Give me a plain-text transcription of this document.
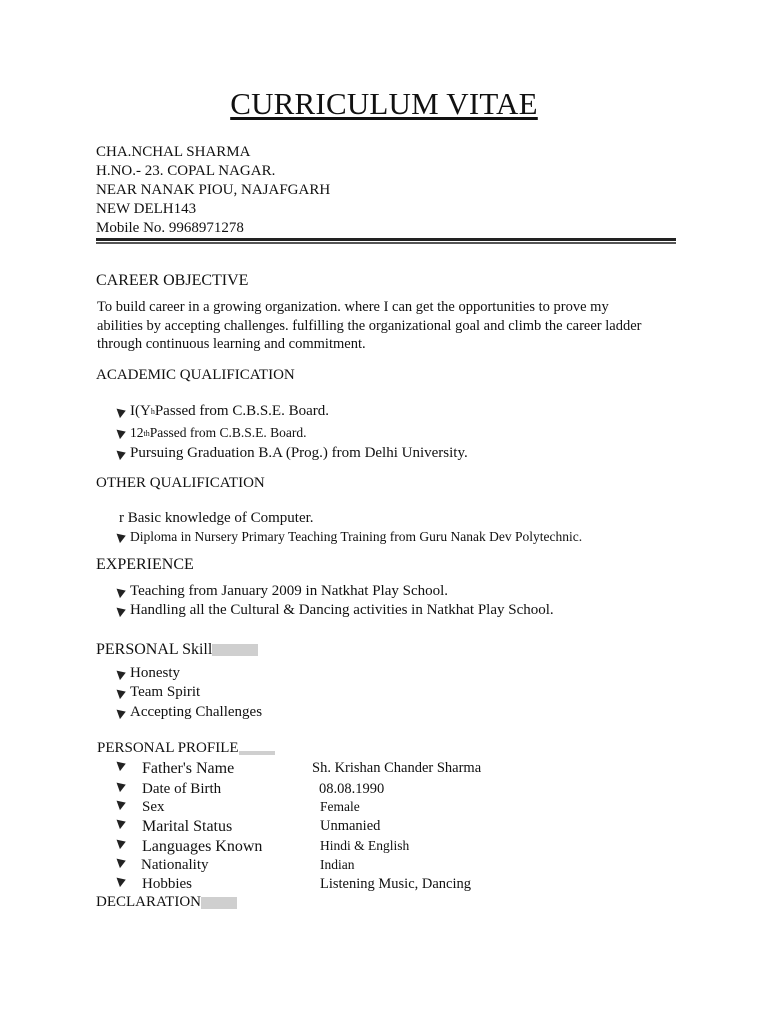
CURRICULUM VITAE
CHA.NCHAL SHARMA
H.NO.- 23. COPAL NAGAR.
NEAR NANAK PIOU, NAJAFGARH
NEW DELH143
Mobile No. 9968971278
CAREER OBJECTIVE
To build career in a growing organization. where I can get the opportunities to prove my abilities by accepting challenges. fulfilling the organizational goal and climb the career ladder through continuous learning and commitment.
ACADEMIC QUALIFICATION
I(Y h Passed from C.B.S.E. Board.
12 th Passed from C.B.S.E. Board.
Pursuing Graduation B.A (Prog.) from Delhi University.
OTHER QUALIFICATION
r Basic knowledge of Computer.
Diploma in Nursery Primary Teaching Training from Guru Nanak Dev Polytechnic.
EXPERIENCE
Teaching from January 2009 in Natkhat Play School.
Handling all the Cultural & Dancing activities in Natkhat Play School.
PERSONAL Skill
Honesty
Team Spirit
Accepting Challenges
PERSONAL PROFILE
Father's Name	Sh. Krishan Chander Sharma
Date of Birth	08.08.1990
Sex	Female
Marital Status	Unmanied
Languages Known	Hindi & English
Nationality	Indian
Hobbies	Listening Music, Dancing
DECLARATION
